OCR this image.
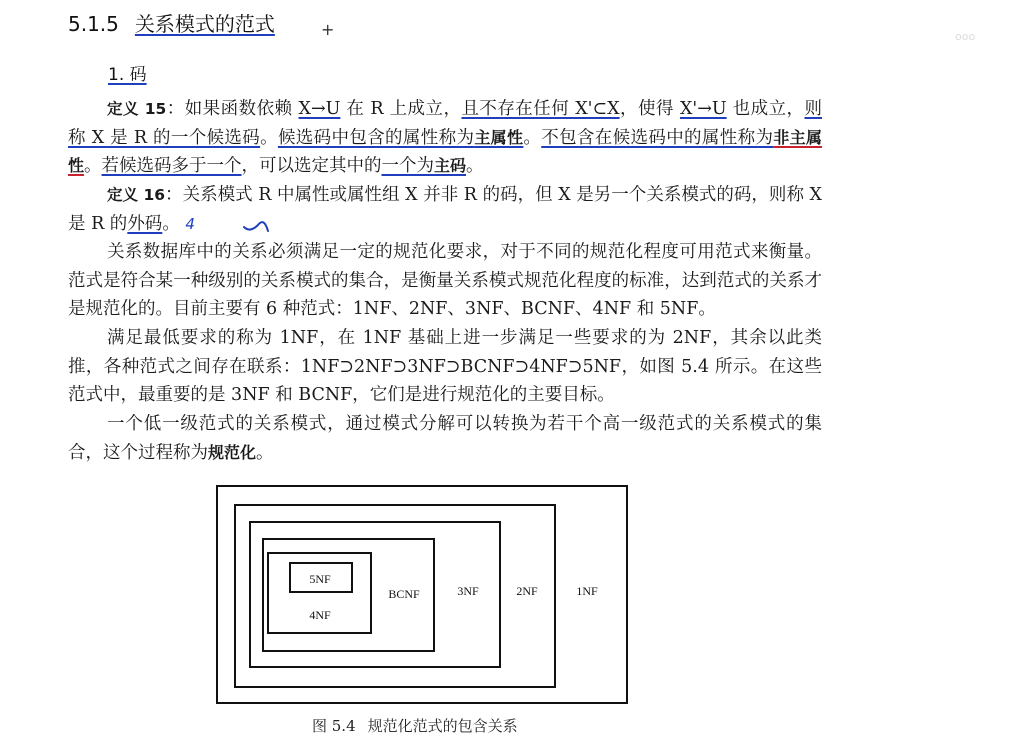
5.1.5 关系模式的范式	+	ooo
1. 码

定义 15：如果函数依赖 X→U 在 R 上成立，且不存在任何 X'⊂X，使得 X'→U 也成立，则称 X 是 R 的一个候选码。候选码中包含的属性称为主属性。不包含在候选码中的属性称为非主属性。若候选码多于一个，可以选定其中的一个为主码。

定义 16：关系模式 R 中属性或属性组 X 并非 R 的码，但 X 是另一个关系模式的码，则称 X 是 R 的外码。 4

关系数据库中的关系必须满足一定的规范化要求，对于不同的规范化程度可用范式来衡量。范式是符合某一种级别的关系模式的集合，是衡量关系模式规范化程度的标准，达到范式的关系才是规范化的。目前主要有 6 种范式：1NF、2NF、3NF、BCNF、4NF 和 5NF。

满足最低要求的称为 1NF，在 1NF 基础上进一步满足一些要求的为 2NF，其余以此类推，各种范式之间存在联系：1NF⊃2NF⊃3NF⊃BCNF⊃4NF⊃5NF，如图 5.4 所示。在这些范式中，最重要的是 3NF 和 BCNF，它们是进行规范化的主要目标。

一个低一级范式的关系模式，通过模式分解可以转换为若干个高一级范式的关系模式的集合，这个过程称为规范化。

5NF
4NF
BCNF	3NF	2NF	1NF
图 5.4 规范化范式的包含关系
